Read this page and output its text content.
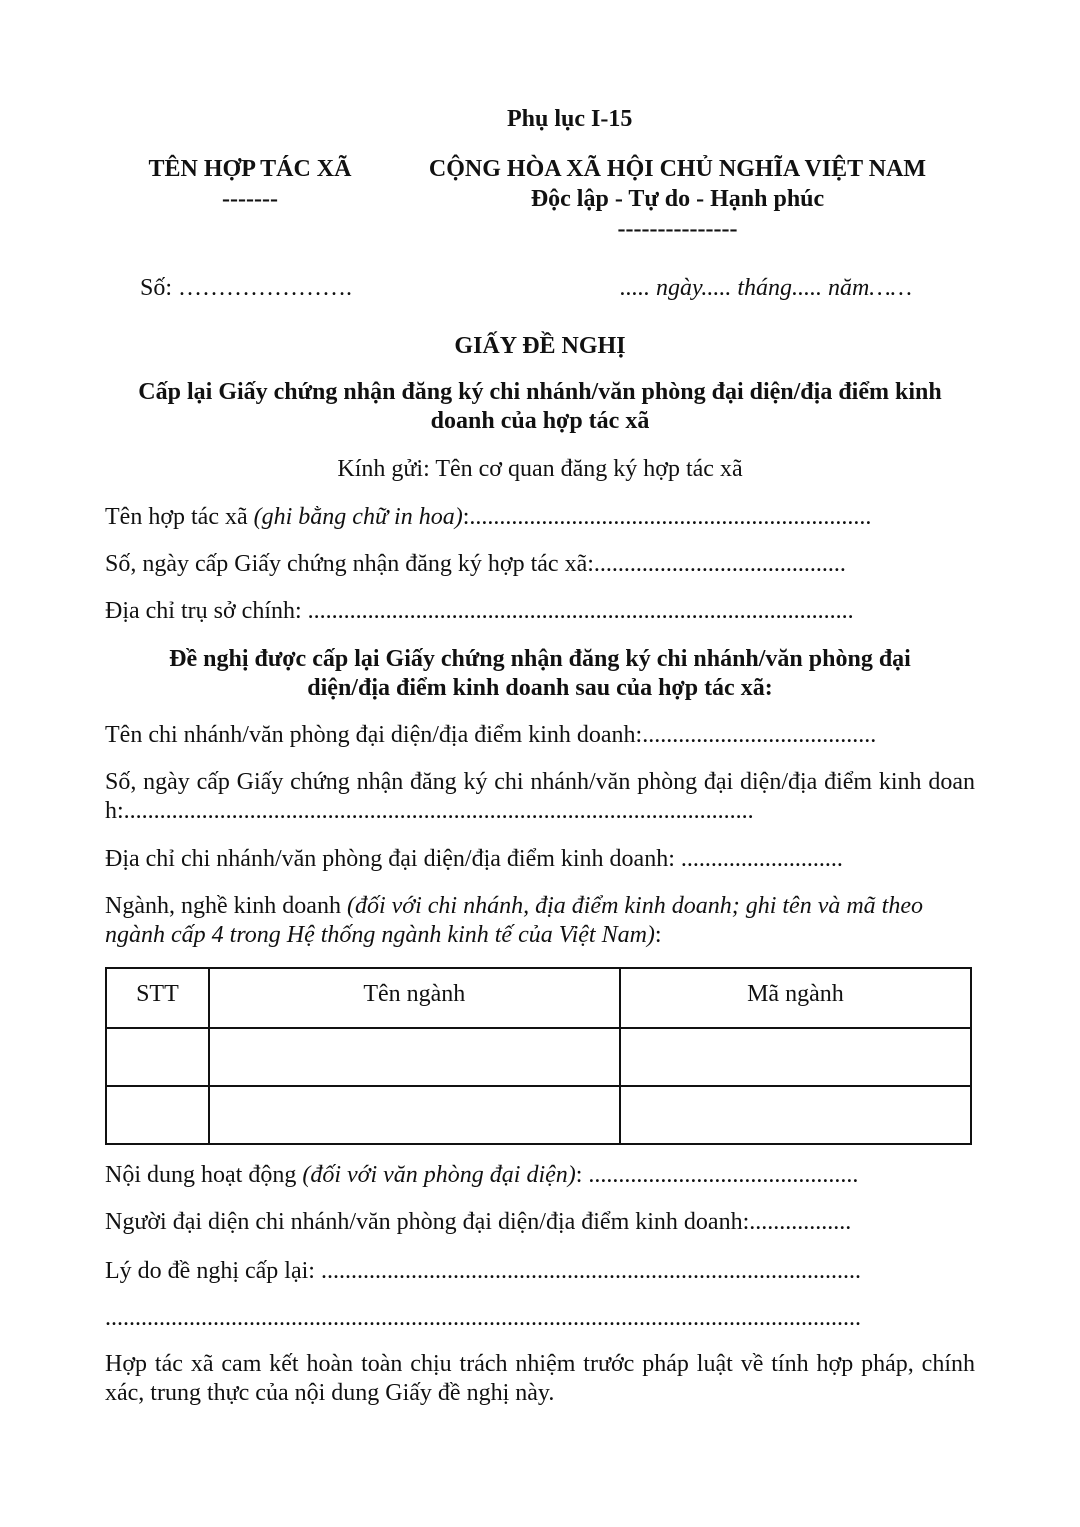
Phụ lục I-15
TÊN HỢP TÁC XÃ
-------
CỘNG HÒA XÃ HỘI CHỦ NGHĨA VIỆT NAM
Độc lập - Tự do - Hạnh phúc
---------------
Số: ………………….	..... ngày..... tháng..... năm……
GIẤY ĐỀ NGHỊ
Cấp lại Giấy chứng nhận đăng ký chi nhánh/văn phòng đại diện/địa điểm kinh
doanh của hợp tác xã
Kính gửi: Tên cơ quan đăng ký hợp tác xã
Tên hợp tác xã (ghi bằng chữ in hoa):...................................................................
Số, ngày cấp Giấy chứng nhận đăng ký hợp tác xã:..........................................
Địa chỉ trụ sở chính: ...........................................................................................
Đề nghị được cấp lại Giấy chứng nhận đăng ký chi nhánh/văn phòng đại
diện/địa điểm kinh doanh sau của hợp tác xã:
Tên chi nhánh/văn phòng đại diện/địa điểm kinh doanh:.......................................
Số, ngày cấp Giấy chứng nhận đăng ký chi nhánh/văn phòng đại diện/địa điểm kinh doanh:.........................................................................................................
Địa chỉ chi nhánh/văn phòng đại diện/địa điểm kinh doanh: ...........................
Ngành, nghề kinh doanh (đối với chi nhánh, địa điểm kinh doanh; ghi tên và mã theo ngành cấp 4 trong Hệ thống ngành kinh tế của Việt Nam):
STT	Tên ngành	Mã ngành

Nội dung hoạt động (đối với văn phòng đại diện): .............................................
Người đại diện chi nhánh/văn phòng đại diện/địa điểm kinh doanh:.................
Lý do đề nghị cấp lại: ..........................................................................................
..............................................................................................................................
Hợp tác xã cam kết hoàn toàn chịu trách nhiệm trước pháp luật về tính hợp pháp, chính xác, trung thực của nội dung Giấy đề nghị này.
